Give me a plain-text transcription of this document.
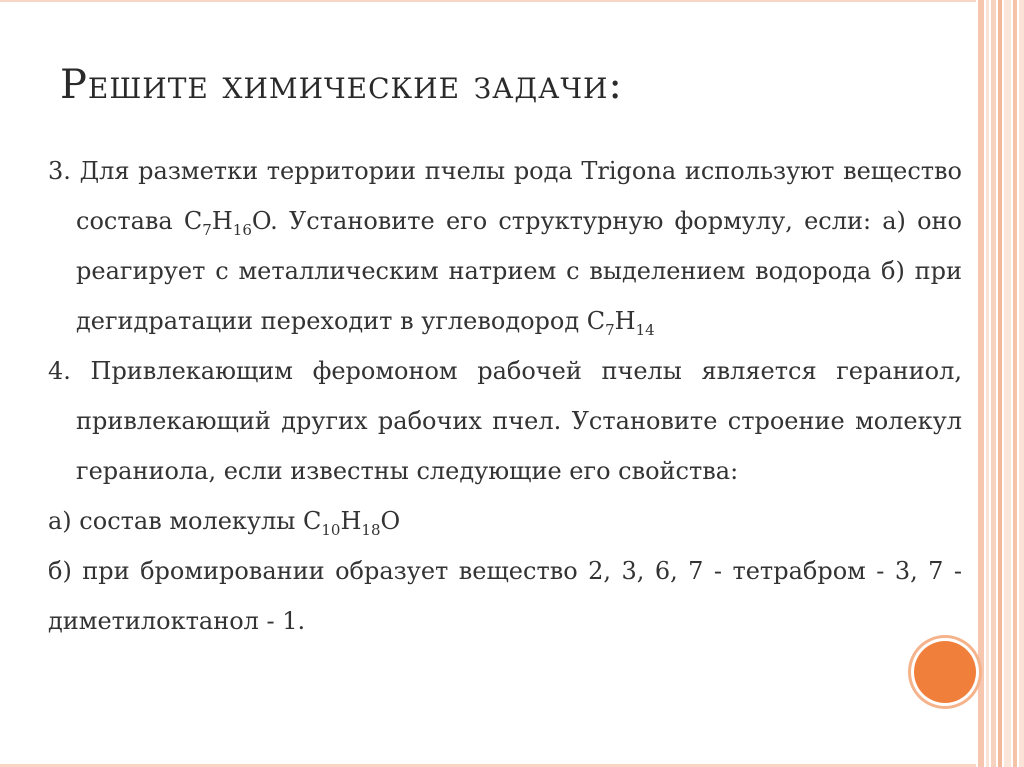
Решите химические задачи:
3. Для разметки территории пчелы рода Trigona используют вещество состава $C_7H_{16}O$. Установите его структурную формулу, если: а) оно реагирует с металлическим натрием с выделением водорода б) при дегидратации переходит в углеводород $C_7H_{14}$
4. Привлекающим феромоном рабочей пчелы является гераниол, привлекающий других рабочих пчел. Установите строение молекул гераниола, если известны следующие его свойства:
а) состав молекулы $C_{10}H_{18}O$
б) при бромировании образует вещество 2, 3, 6, 7 - тетрабром - 3, 7 - диметилоктанол - 1.
